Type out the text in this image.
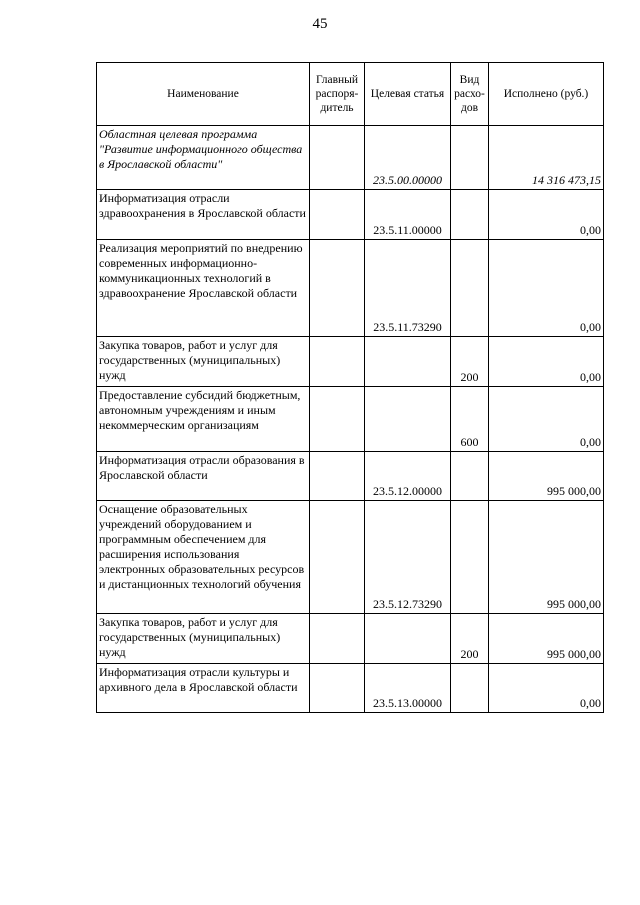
45
Наименование	Главный распоря-дитель	Целевая статья	Вид расхо-дов	Исполнено (руб.)
Областная целевая программа "Развитие информационного общества в Ярославской области"		23.5.00.00000		14 316 473,15
Информатизация отрасли здравоохранения в Ярославской области		23.5.11.00000		0,00
Реализация мероприятий по внедрению современных информационно-коммуникационных технологий в здравоохранение Ярославской области		23.5.11.73290		0,00
Закупка товаров, работ и услуг для государственных (муниципальных) нужд			200	0,00
Предоставление субсидий бюджетным, автономным учреждениям и иным некоммерческим организациям			600	0,00
Информатизация отрасли образования в Ярославской области		23.5.12.00000		995 000,00
Оснащение образовательных учреждений оборудованием и программным обеспечением для расширения использования электронных образовательных ресурсов и дистанционных технологий обучения		23.5.12.73290		995 000,00
Закупка товаров, работ и услуг для государственных (муниципальных) нужд			200	995 000,00
Информатизация отрасли культуры и архивного дела в Ярославской области		23.5.13.00000		0,00
